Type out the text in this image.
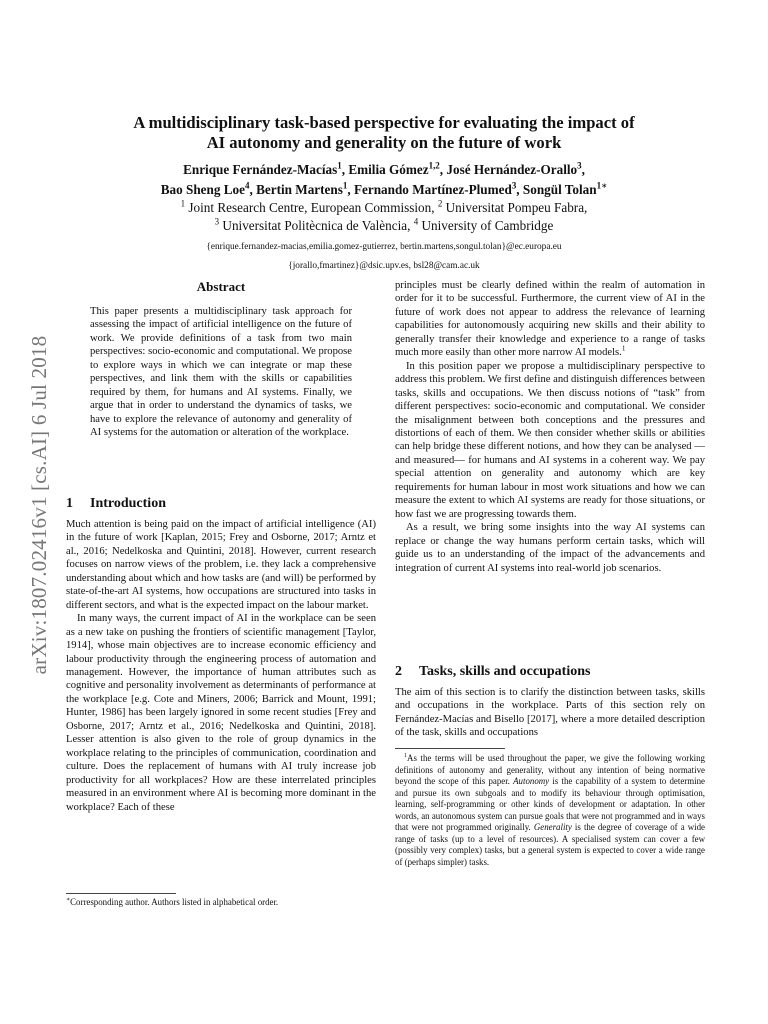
arXiv:1807.02416v1 [cs.AI] 6 Jul 2018
A multidisciplinary task-based perspective for evaluating the impact of
AI autonomy and generality on the future of work
Enrique Fernández-Macías$^1$, Emilia Gómez$^{1,2}$, José Hernández-Orallo$^3$,
Bao Sheng Loe$^4$, Bertin Martens$^1$, Fernando Martínez-Plumed$^3$, Songül Tolan$^{1∗}$
$^1$ Joint Research Centre, European Commission, $^2$ Universitat Pompeu Fabra,
$^3$ Universitat Politècnica de València, $^4$ University of Cambridge
{enrique.fernandez-macias,emilia.gomez-gutierrez, bertin.martens,songul.tolan}@ec.europa.eu
{jorallo,fmartinez}@dsic.upv.es, bsl28@cam.ac.uk
Abstract
This paper presents a multidisciplinary task approach for assessing the impact of artificial intelligence on the future of work. We provide definitions of a task from two main perspectives: socio-economic and computational. We propose to explore ways in which we can integrate or map these perspectives, and link them with the skills or capabilities required by them, for humans and AI systems. Finally, we argue that in order to understand the dynamics of tasks, we have to explore the relevance of autonomy and generality of AI systems for the automation or alteration of the workplace.
1 Introduction

Much attention is being paid on the impact of artificial intelligence (AI) in the future of work [Kaplan, 2015; Frey and Osborne, 2017; Arntz et al., 2016; Nedelkoska and Quintini, 2018]. However, current research focuses on narrow views of the problem, i.e. they lack a comprehensive understanding about which and how tasks are (and will) be performed by state-of-the-art AI systems, how occupations are structured into tasks in different sectors, and what is the expected impact on the labour market.

In many ways, the current impact of AI in the workplace can be seen as a new take on pushing the frontiers of scientific management [Taylor, 1914], whose main objectives are to increase economic efficiency and labour productivity through the engineering process of automation and management. However, the importance of human attributes such as cognitive and personality involvement as determinants of performance at the workplace [e.g. Cote and Miners, 2006; Barrick and Mount, 1991; Hunter, 1986] has been largely ignored in some recent studies [Frey and Osborne, 2017; Arntz et al., 2016; Nedelkoska and Quintini, 2018]. Lesser attention is also given to the role of group dynamics in the workplace relating to the principles of communication, coordination and culture. Does the replacement of humans with AI truly increase job productivity for all workplaces? How are these interrelated principles measured in an environment where AI is becoming more dominant in the workplace? Each of these

∗Corresponding author. Authors listed in alphabetical order.

principles must be clearly defined within the realm of automation in order for it to be successful. Furthermore, the current view of AI in the future of work does not appear to address the relevance of learning capabilities for autonomously acquiring new skills and their ability to generally transfer their knowledge and experience to a range of tasks much more easily than other more narrow AI models.$^1$

In this position paper we propose a multidisciplinary perspective to address this problem. We first define and distinguish differences between tasks, skills and occupations. We then discuss notions of “task” from different perspectives: socio-economic and computational. We consider the misalignment between both conceptions and the pressures and distortions of each of them. We then consider whether skills or abilities can help bridge these different notions, and how they can be analysed —and measured— for humans and AI systems in a coherent way. We pay special attention on generality and autonomy which are key requirements for human labour in most work situations and how we can measure the extent to which AI systems are ready for those situations, or how fast we are progressing towards them.

As a result, we bring some insights into the way AI systems can replace or change the way humans perform certain tasks, which will guide us to an understanding of the impact of the advancements and integration of current AI systems into real-world job scenarios.

2 Tasks, skills and occupations

The aim of this section is to clarify the distinction between tasks, skills and occupations in the workplace. Parts of this section rely on Fernández-Macías and Bisello [2017], where a more detailed description of the task, skills and occupations

$^1$As the terms will be used throughout the paper, we give the following working definitions of autonomy and generality, without any intention of being normative beyond the scope of this paper. Autonomy is the capability of a system to determine and pursue its own subgoals and to modify its behaviour through optimisation, learning, self-programming or other kinds of development or adaptation. In other words, an autonomous system can pursue goals that were not programmed and in ways that were not programmed originally. Generality is the degree of coverage of a wide range of tasks (up to a level of resources). A specialised system can cover a few (possibly very complex) tasks, but a general system is expected to cover a wide range of (perhaps simpler) tasks.
